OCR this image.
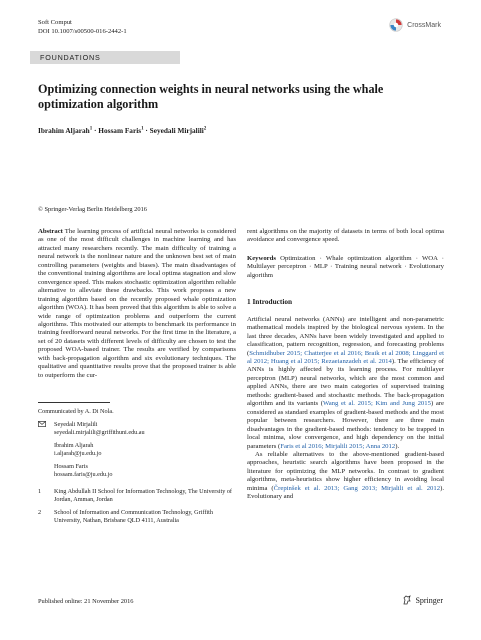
Soft Comput
DOI 10.1007/s00500-016-2442-1
CrossMark
FOUNDATIONS
Optimizing connection weights in neural networks using the whale optimization algorithm
Ibrahim Aljarah$^1$ · Hossam Faris$^1$ · Seyedali Mirjalili$^2$
© Springer-Verlag Berlin Heidelberg 2016

Abstract The learning process of artificial neural networks is considered as one of the most difficult challenges in machine learning and has attracted many researchers recently. The main difficulty of training a neural network is the nonlinear nature and the unknown best set of main controlling parameters (weights and biases). The main disadvantages of the conventional training algorithms are local optima stagnation and slow convergence speed. This makes stochastic optimization algorithm reliable alternative to alleviate these drawbacks. This work proposes a new training algorithm based on the recently proposed whale optimization algorithm (WOA). It has been proved that this algorithm is able to solve a wide range of optimization problems and outperform the current algorithms. This motivated our attempts to benchmark its performance in training feedforward neural networks. For the first time in the literature, a set of 20 datasets with different levels of difficulty are chosen to test the proposed WOA-based trainer. The results are verified by comparisons with back-propagation algorithm and six evolutionary techniques. The qualitative and quantitative results prove that the proposed trainer is able to outperform the cur-

rent algorithms on the majority of datasets in terms of both local optima avoidance and convergence speed.

Keywords Optimization · Whale optimization algorithm · WOA · Multilayer perceptron · MLP · Training neural network · Evolutionary algorithm

1 Introduction

Artificial neural networks (ANNs) are intelligent and non-parametric mathematical models inspired by the biological nervous system. In the last three decades, ANNs have been widely investigated and applied to classification, pattern recognition, regression, and forecasting problems (Schmidhuber 2015; Chatterjee et al 2016; Braik et al 2008; Linggard et al 2012; Huang et al 2015; Rezaeianzadeh et al. 2014). The efficiency of ANNs is highly affected by its learning process. For multilayer perceptron (MLP) neural networks, which are the most common and applied ANNs, there are two main categories of supervised training methods: gradient-based and stochastic methods. The back-propagation algorithm and its variants (Wang et al. 2015; Kim and Jung 2015) are considered as standard examples of gradient-based methods and the most popular between researchers. However, there are three main disadvantages in the gradient-based methods: tendency to be trapped in local minima, slow convergence, and high dependency on the initial parameters (Faris et al 2016; Mirjalili 2015; Anna 2012).

As reliable alternatives to the above-mentioned gradient-based approaches, heuristic search algorithms have been proposed in the literature for optimizing the MLP networks. In contrast to gradient algorithms, meta-heuristics show higher efficiency in avoiding local minima (Črepinšek et al. 2013; Gang 2013; Mirjalili et al. 2012). Evolutionary and

Communicated by A. Di Nola.
Seyedali Mirjalili
seyedali.mirjalili@griffithuni.edu.au
Ibrahim Aljarah
i.aljarah@ju.edu.jo
Hossam Faris
hossam.faris@ju.edu.jo
1	King Abdullah II School for Information Technology, The University of Jordan, Amman, Jordan
2	School of Information and Communication Technology, Griffith University, Nathan, Brisbane QLD 4111, Australia
Published online: 21 November 2016	Springer
